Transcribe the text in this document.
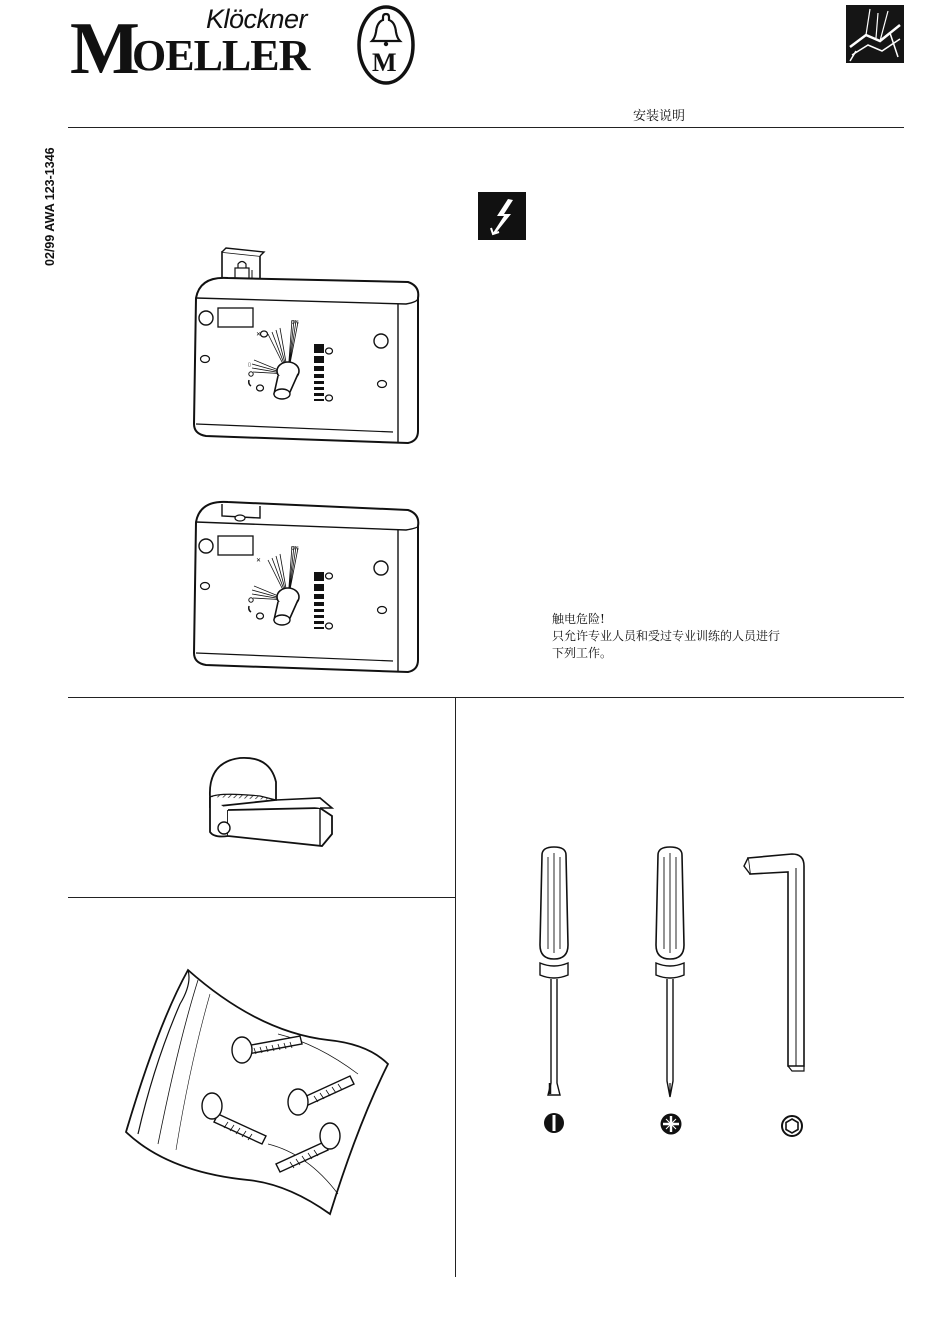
Klöckner
M
OELLER M
安装说明
02/99 AWA 123-1346
触电危险!
只允许专业人员和受过专业训练的人员进行
下列工作。
ON
✕
▯
ON
✕
